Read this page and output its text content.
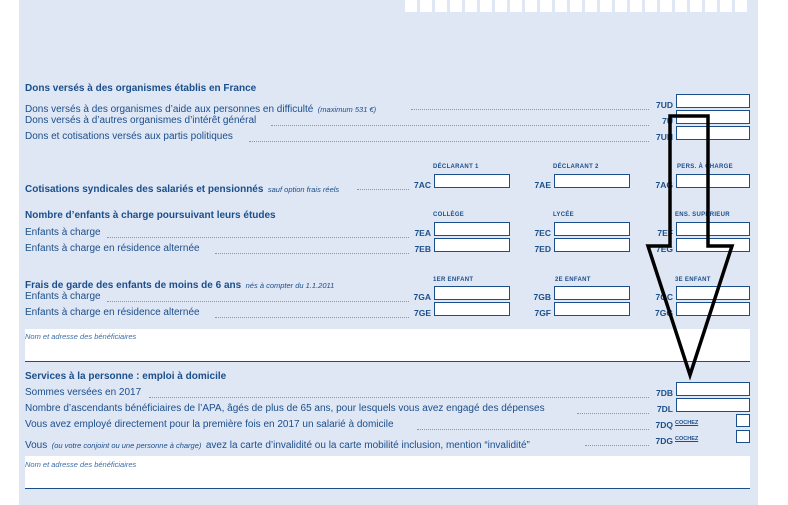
Dons versés à des organismes établis en France
Dons versés à des organismes d’aide aux personnes en difficulté (maximum 531 €)	7UD
Dons versés à d’autres organismes d’intérêt général	7U
Dons et cotisations versés aux partis politiques	7UH
DÉCLARANT 1	DÉCLARANT 2	PERS. À CHARGE
Cotisations syndicales des salariés et pensionnés sauf option frais réels	7AC	7AE	7AG
COLLÈGE	LYCÉE	ENS. SUPÉRIEUR
Nombre d’enfants à charge poursuivant leurs études
Enfants à charge	7EA	7EC	7EF
Enfants à charge en résidence alternée	7EB	7ED	7EG
1ER ENFANT	2E ENFANT	3E ENFANT
Frais de garde des enfants de moins de 6 ans nés à compter du 1.1.2011
Enfants à charge	7GA	7GB	7GC
Enfants à charge en résidence alternée	7GE	7GF	7GG
Nom et adresse des bénéficiaires
Services à la personne : emploi à domicile
Sommes versées en 2017	7DB
Nombre d’ascendants bénéficiaires de l’APA, âgés de plus de 65 ans, pour lesquels vous avez engagé des dépenses	7DL
Vous avez employé directement pour la première fois en 2017 un salarié à domicile	7DQ COCHEZ
Vous (ou votre conjoint ou une personne à charge) avez la carte d’invalidité ou la carte mobilité inclusion, mention “invalidité”	7DG COCHEZ
Nom et adresse des bénéficiaires
